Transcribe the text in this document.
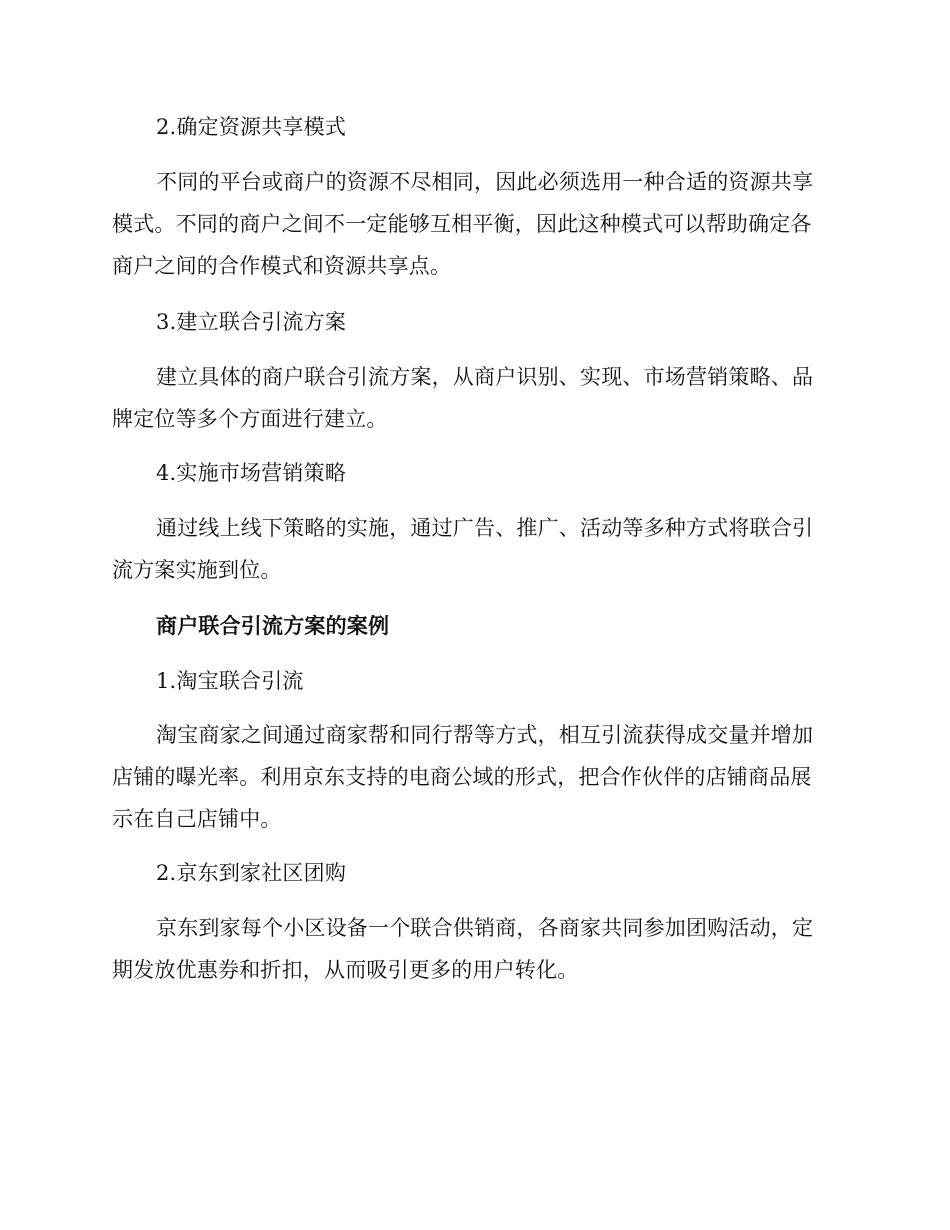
2.确定资源共享模式
不同的平台或商户的资源不尽相同，因此必须选用一种合适的资源共享
模式。不同的商户之间不一定能够互相平衡，因此这种模式可以帮助确定各
商户之间的合作模式和资源共享点。
3.建立联合引流方案
建立具体的商户联合引流方案，从商户识别、实现、市场营销策略、品
牌定位等多个方面进行建立。
4.实施市场营销策略
通过线上线下策略的实施，通过广告、推广、活动等多种方式将联合引
流方案实施到位。
商户联合引流方案的案例
1.淘宝联合引流
淘宝商家之间通过商家帮和同行帮等方式，相互引流获得成交量并增加
店铺的曝光率。利用京东支持的电商公域的形式，把合作伙伴的店铺商品展
示在自己店铺中。
2.京东到家社区团购
京东到家每个小区设备一个联合供销商，各商家共同参加团购活动，定
期发放优惠券和折扣，从而吸引更多的用户转化。
